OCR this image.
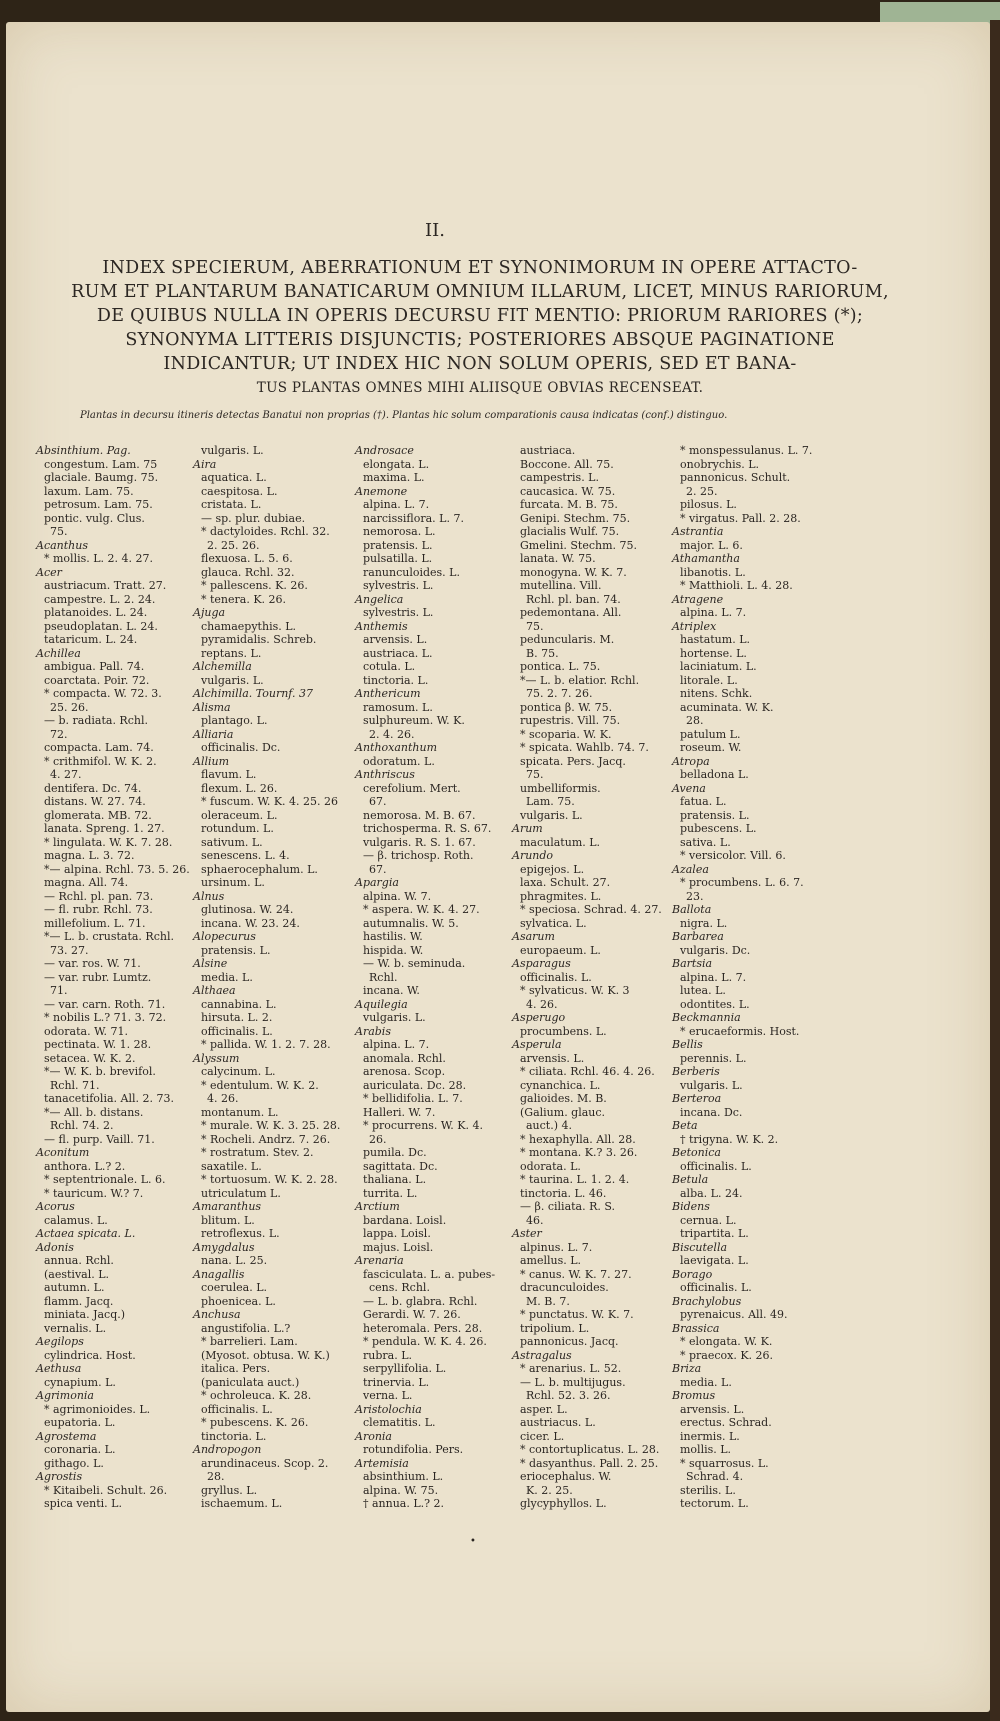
II.
INDEX SPECIERUM, ABERRATIONUM ET SYNONIMORUM IN OPERE ATTACTO-
RUM ET PLANTARUM BANATICARUM OMNIUM ILLARUM, LICET, MINUS RARIORUM,
DE QUIBUS NULLA IN OPERIS DECURSU FIT MENTIO: PRIORUM RARIORES (*);
SYNONYMA LITTERIS DISJUNCTIS; POSTERIORES ABSQUE PAGINATIONE
INDICANTUR; UT INDEX HIC NON SOLUM OPERIS, SED ET BANA-
TUS PLANTAS OMNES MIHI ALIISQUE OBVIAS RECENSEAT.
Plantas in decursu itineris detectas Banatui non proprias (†). Plantas hic solum comparationis causa indicatas (conf.) distinguo.
Absinthium. Pag.
congestum. Lam. 75
glaciale. Baumg. 75.
laxum. Lam. 75.
petrosum. Lam. 75.
pontic. vulg. Clus.
75.
Acanthus
* mollis. L. 2. 4. 27.
Acer
austriacum. Tratt. 27.
campestre. L. 2. 24.
platanoides. L. 24.
pseudoplatan. L. 24.
tataricum. L. 24.
Achillea
ambigua. Pall. 74.
coarctata. Poir. 72.
* compacta. W. 72. 3.
25. 26.
— b. radiata. Rchl.
72.
compacta. Lam. 74.
* crithmifol. W. K. 2.
4. 27.
dentifera. Dc. 74.
distans. W. 27. 74.
glomerata. MB. 72.
lanata. Spreng. 1. 27.
* lingulata. W. K. 7. 28.
magna. L. 3. 72.
*— alpina. Rchl. 73. 5. 26.
magna. All. 74.
— Rchl. pl. pan. 73.
— fl. rubr. Rchl. 73.
millefolium. L. 71.
*— L. b. crustata. Rchl.
73. 27.
— var. ros. W. 71.
— var. rubr. Lumtz.
71.
— var. carn. Roth. 71.
* nobilis L.? 71. 3. 72.
odorata. W. 71.
pectinata. W. 1. 28.
setacea. W. K. 2.
*— W. K. b. brevifol.
Rchl. 71.
tanacetifolia. All. 2. 73.
*— All. b. distans.
Rchl. 74. 2.
— fl. purp. Vaill. 71.
Aconitum
anthora. L.? 2.
* septentrionale. L. 6.
* tauricum. W.? 7.
Acorus
calamus. L.
Actaea spicata. L.
Adonis
annua. Rchl.
(aestival. L.
autumn. L.
flamm. Jacq.
miniata. Jacq.)
vernalis. L.
Aegilops
cylindrica. Host.
Aethusa
cynapium. L.
Agrimonia
* agrimonioides. L.
eupatoria. L.
Agrostema
coronaria. L.
githago. L.
Agrostis
* Kitaibeli. Schult. 26.
spica venti. L.
vulgaris. L.
Aira
aquatica. L.
caespitosa. L.
cristata. L.
— sp. plur. dubiae.
* dactyloides. Rchl. 32.
2. 25. 26.
flexuosa. L. 5. 6.
glauca. Rchl. 32.
* pallescens. K. 26.
* tenera. K. 26.
Ajuga
chamaepythis. L.
pyramidalis. Schreb.
reptans. L.
Alchemilla
vulgaris. L.
Alchimilla. Tournf. 37
Alisma
plantago. L.
Alliaria
officinalis. Dc.
Allium
flavum. L.
flexum. L. 26.
* fuscum. W. K. 4. 25. 26
oleraceum. L.
rotundum. L.
sativum. L.
senescens. L. 4.
sphaerocephalum. L.
ursinum. L.
Alnus
glutinosa. W. 24.
incana. W. 23. 24.
Alopecurus
pratensis. L.
Alsine
media. L.
Althaea
cannabina. L.
hirsuta. L. 2.
officinalis. L.
* pallida. W. 1. 2. 7. 28.
Alyssum
calycinum. L.
* edentulum. W. K. 2.
4. 26.
montanum. L.
* murale. W. K. 3. 25. 28.
* Rocheli. Andrz. 7. 26.
* rostratum. Stev. 2.
saxatile. L.
* tortuosum. W. K. 2. 28.
utriculatum L.
Amaranthus
blitum. L.
retroflexus. L.
Amygdalus
nana. L. 25.
Anagallis
coerulea. L.
phoenicea. L.
Anchusa
angustifolia. L.?
* barrelieri. Lam.
(Myosot. obtusa. W. K.)
italica. Pers.
(paniculata auct.)
* ochroleuca. K. 28.
officinalis. L.
* pubescens. K. 26.
tinctoria. L.
Andropogon
arundinaceus. Scop. 2.
28.
gryllus. L.
ischaemum. L.
Androsace
elongata. L.
maxima. L.
Anemone
alpina. L. 7.
narcissiflora. L. 7.
nemorosa. L.
pratensis. L.
pulsatilla. L.
ranunculoides. L.
sylvestris. L.
Angelica
sylvestris. L.
Anthemis
arvensis. L.
austriaca. L.
cotula. L.
tinctoria. L.
Anthericum
ramosum. L.
sulphureum. W. K.
2. 4. 26.
Anthoxanthum
odoratum. L.
Anthriscus
cerefolium. Mert.
67.
nemorosa. M. B. 67.
trichosperma. R. S. 67.
vulgaris. R. S. 1. 67.
— β. trichosp. Roth.
67.
Apargia
alpina. W. 7.
* aspera. W. K. 4. 27.
autumnalis. W. 5.
hastilis. W.
hispida. W.
— W. b. seminuda.
Rchl.
incana. W.
Aquilegia
vulgaris. L.
Arabis
alpina. L. 7.
anomala. Rchl.
arenosa. Scop.
auriculata. Dc. 28.
* bellidifolia. L. 7.
Halleri. W. 7.
* procurrens. W. K. 4.
26.
pumila. Dc.
sagittata. Dc.
thaliana. L.
turrita. L.
Arctium
bardana. Loisl.
lappa. Loisl.
majus. Loisl.
Arenaria
fasciculata. L. a. pubes-
cens. Rchl.
— L. b. glabra. Rchl.
Gerardi. W. 7. 26.
heteromala. Pers. 28.
* pendula. W. K. 4. 26.
rubra. L.
serpyllifolia. L.
trinervia. L.
verna. L.
Aristolochia
clematitis. L.
Aronia
rotundifolia. Pers.
Artemisia
absinthium. L.
alpina. W. 75.
† annua. L.? 2.
austriaca.
Boccone. All. 75.
campestris. L.
caucasica. W. 75.
furcata. M. B. 75.
Genipi. Stechm. 75.
glacialis Wulf. 75.
Gmelini. Stechm. 75.
lanata. W. 75.
monogyna. W. K. 7.
mutellina. Vill.
Rchl. pl. ban. 74.
pedemontana. All.
75.
peduncularis. M.
B. 75.
pontica. L. 75.
*— L. b. elatior. Rchl.
75. 2. 7. 26.
pontica β. W. 75.
rupestris. Vill. 75.
* scoparia. W. K.
* spicata. Wahlb. 74. 7.
spicata. Pers. Jacq.
75.
umbelliformis.
Lam. 75.
vulgaris. L.
Arum
maculatum. L.
Arundo
epigejos. L.
laxa. Schult. 27.
phragmites. L.
* speciosa. Schrad. 4. 27.
sylvatica. L.
Asarum
europaeum. L.
Asparagus
officinalis. L.
* sylvaticus. W. K. 3
4. 26.
Asperugo
procumbens. L.
Asperula
arvensis. L.
* ciliata. Rchl. 46. 4. 26.
cynanchica. L.
galioides. M. B.
(Galium. glauc.
auct.) 4.
* hexaphylla. All. 28.
* montana. K.? 3. 26.
odorata. L.
* taurina. L. 1. 2. 4.
tinctoria. L. 46.
— β. ciliata. R. S.
46.
Aster
alpinus. L. 7.
amellus. L.
* canus. W. K. 7. 27.
dracunculoides.
M. B. 7.
* punctatus. W. K. 7.
tripolium. L.
pannonicus. Jacq.
Astragalus
* arenarius. L. 52.
— L. b. multijugus.
Rchl. 52. 3. 26.
asper. L.
austriacus. L.
cicer. L.
* contortuplicatus. L. 28.
* dasyanthus. Pall. 2. 25.
eriocephalus. W.
K. 2. 25.
glycyphyllos. L.
* monspessulanus. L. 7.
onobrychis. L.
pannonicus. Schult.
2. 25.
pilosus. L.
* virgatus. Pall. 2. 28.
Astrantia
major. L. 6.
Athamantha
libanotis. L.
* Matthioli. L. 4. 28.
Atragene
alpina. L. 7.
Atriplex
hastatum. L.
hortense. L.
laciniatum. L.
litorale. L.
nitens. Schk.
acuminata. W. K.
28.
patulum L.
roseum. W.
Atropa
belladona L.
Avena
fatua. L.
pratensis. L.
pubescens. L.
sativa. L.
* versicolor. Vill. 6.
Azalea
* procumbens. L. 6. 7.
23.
Ballota
nigra. L.
Barbarea
vulgaris. Dc.
Bartsia
alpina. L. 7.
lutea. L.
odontites. L.
Beckmannia
* erucaeformis. Host.
Bellis
perennis. L.
Berberis
vulgaris. L.
Berteroa
incana. Dc.
Beta
† trigyna. W. K. 2.
Betonica
officinalis. L.
Betula
alba. L. 24.
Bidens
cernua. L.
tripartita. L.
Biscutella
laevigata. L.
Borago
officinalis. L.
Brachylobus
pyrenaicus. All. 49.
Brassica
* elongata. W. K.
* praecox. K. 26.
Briza
media. L.
Bromus
arvensis. L.
erectus. Schrad.
inermis. L.
mollis. L.
* squarrosus. L.
Schrad. 4.
sterilis. L.
tectorum. L.
•
